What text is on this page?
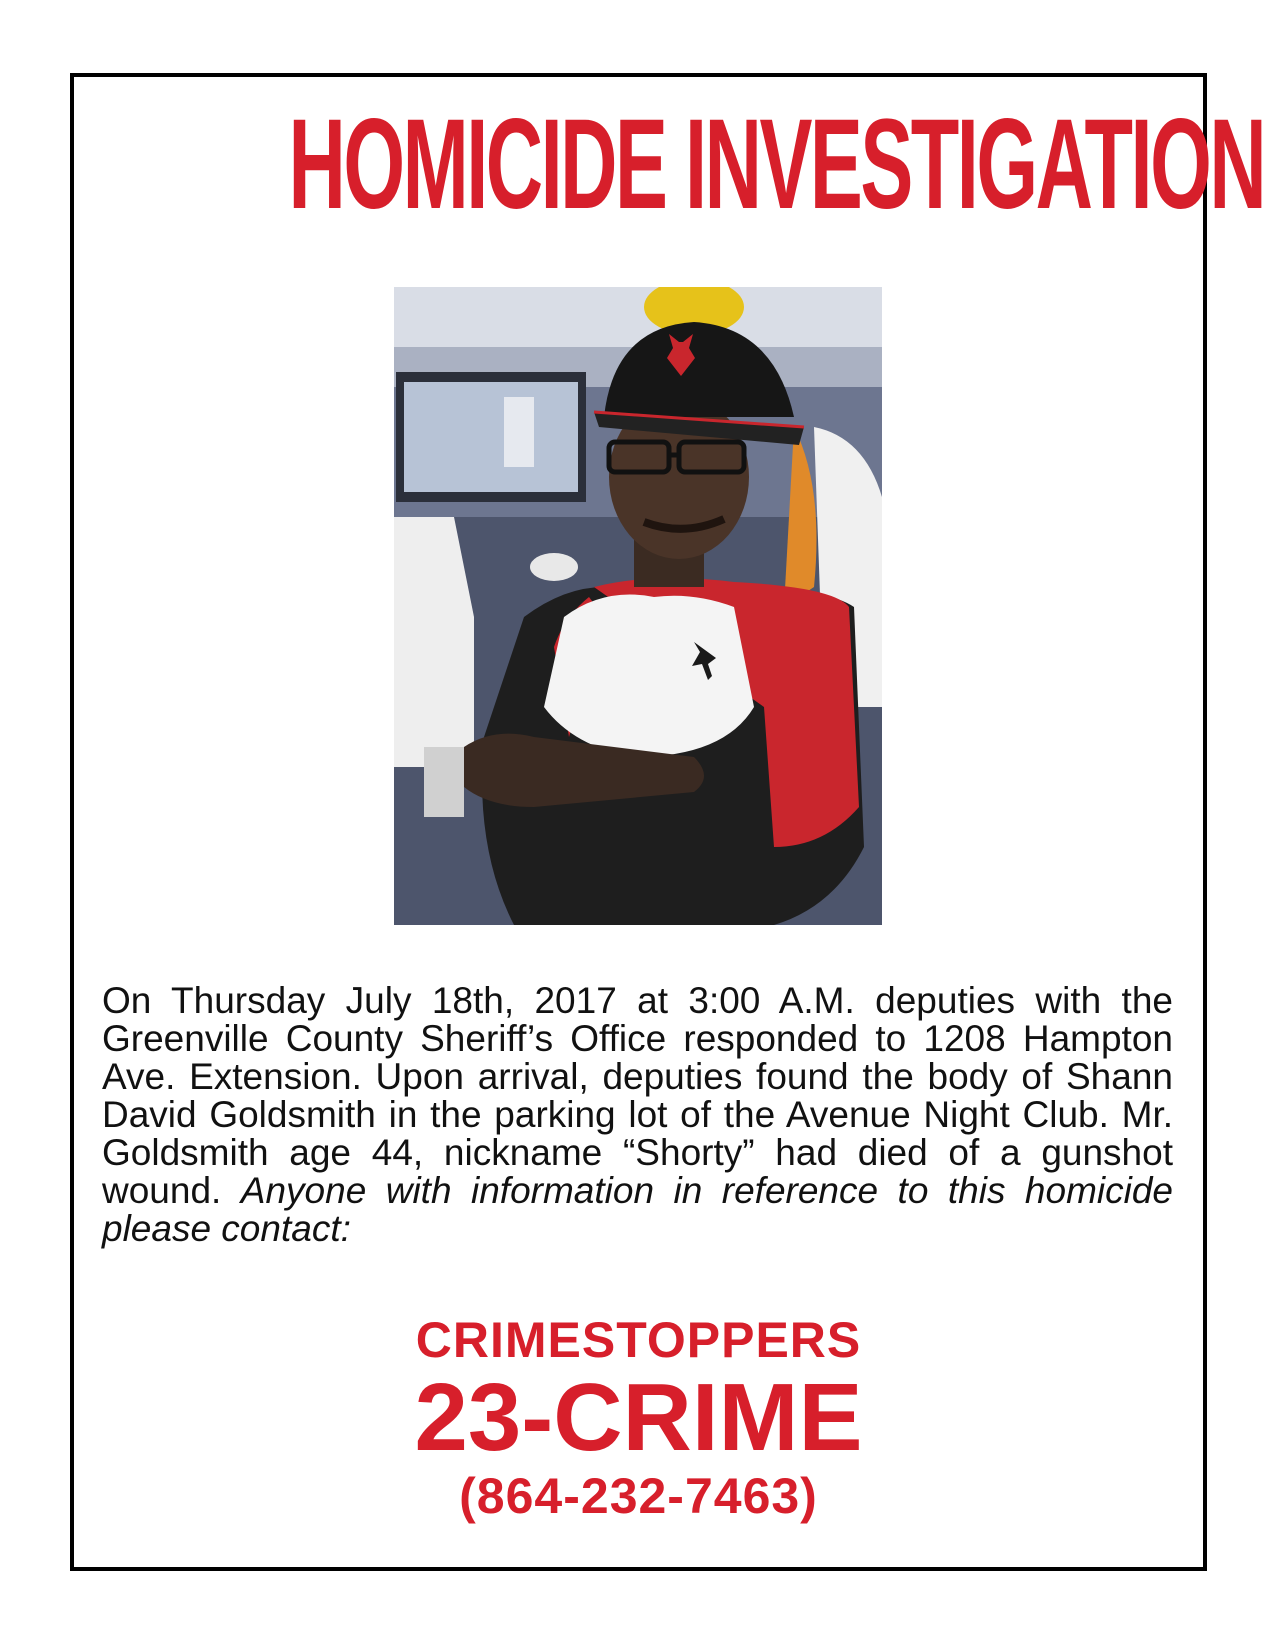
HOMICIDE INVESTIGATION
On Thursday July 18th, 2017 at 3:00 A.M. deputies with the Greenville County Sheriff’s Office responded to 1208 Hampton Ave. Extension. Upon arrival, deputies found the body of Shann David Goldsmith in the parking lot of the Avenue Night Club. Mr. Goldsmith age 44, nickname “Shorty” had died of a gunshot wound. Anyone with information in reference to this homicide please contact:
CRIMESTOPPERS
23-CRIME
(864-232-7463)
